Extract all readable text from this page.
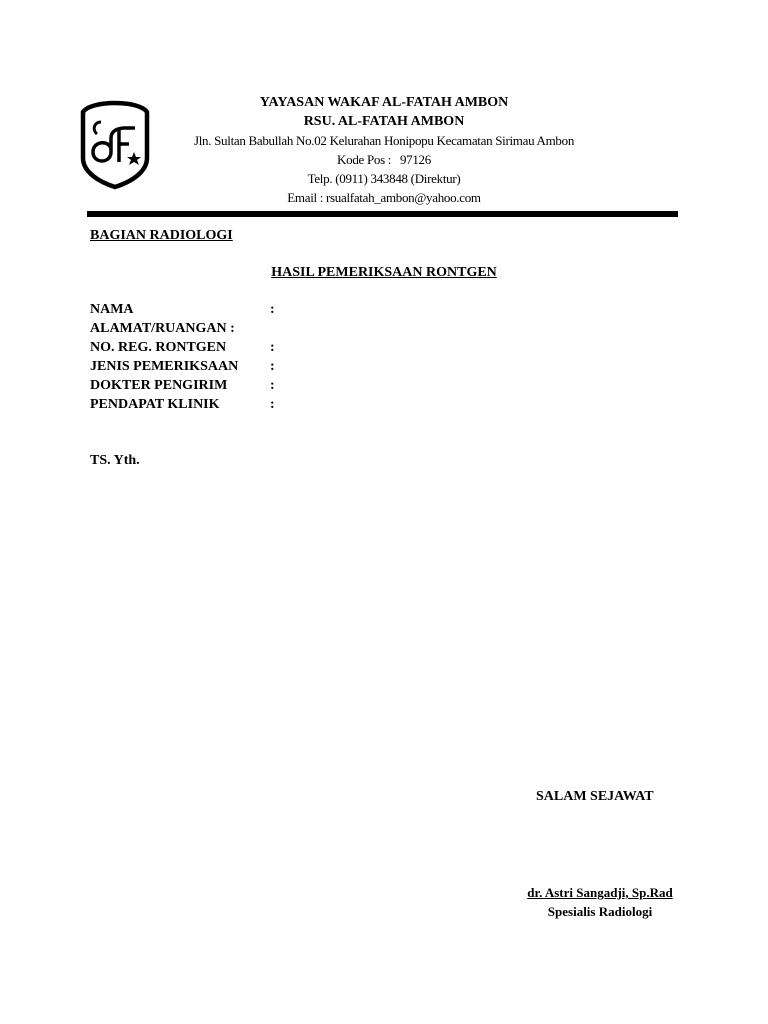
YAYASAN WAKAF AL-FATAH AMBON
RSU. AL-FATAH AMBON
Jln. Sultan Babullah No.02 Kelurahan Honipopu Kecamatan Sirimau Ambon
Kode Pos :   97126
Telp. (0911) 343848 (Direktur)
Email : rsualfatah_ambon@yahoo.com
BAGIAN RADIOLOGI
HASIL PEMERIKSAAN RONTGEN
NAMA	:
ALAMAT/RUANGAN :
NO. REG. RONTGEN	:
JENIS PEMERIKSAAN :
DOKTER PENGIRIM	:
PENDAPAT KLINIK	:
TS. Yth.
SALAM SEJAWAT
dr. Astri Sangadji, Sp.Rad
Spesialis Radiologi
